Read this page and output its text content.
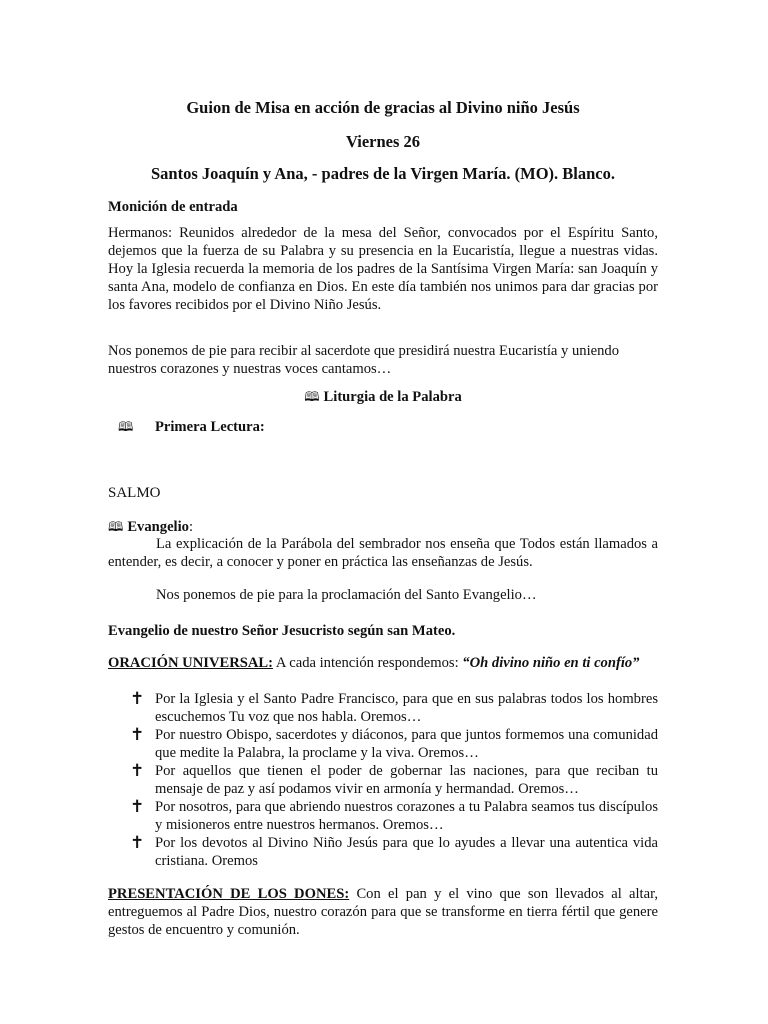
Guion de Misa en acción de gracias al Divino niño Jesús
Viernes 26
Santos Joaquín y Ana, - padres de la Virgen María. (MO). Blanco.
Monición de entrada
Hermanos: Reunidos alrededor de la mesa del Señor, convocados por el Espíritu Santo, dejemos que la fuerza de su Palabra y su presencia en la Eucaristía, llegue a nuestras vidas. Hoy la Iglesia recuerda la memoria de los padres de la Santísima Virgen María: san Joaquín y santa Ana, modelo de confianza en Dios. En este día también nos unimos para dar gracias por los favores recibidos por el Divino Niño Jesús.
Nos ponemos de pie para recibir al sacerdote que presidirá nuestra Eucaristía y uniendo nuestros corazones y nuestras voces cantamos…
🕮 Liturgia de la Palabra
🕮 Primera Lectura:
SALMO
🕮 Evangelio:
La explicación de la Parábola del sembrador nos enseña que Todos están llamados a entender, es decir, a conocer y poner en práctica las enseñanzas de Jesús.
Nos ponemos de pie para la proclamación del Santo Evangelio…
Evangelio de nuestro Señor Jesucristo según san Mateo.
ORACIÓN UNIVERSAL: A cada intención respondemos: “Oh divino niño en ti confío”
✝ Por la Iglesia y el Santo Padre Francisco, para que en sus palabras todos los hombres escuchemos Tu voz que nos habla. Oremos…
✝ Por nuestro Obispo, sacerdotes y diáconos, para que juntos formemos una comunidad que medite la Palabra, la proclame y la viva. Oremos…
✝ Por aquellos que tienen el poder de gobernar las naciones, para que reciban tu mensaje de paz y así podamos vivir en armonía y hermandad. Oremos…
✝ Por nosotros, para que abriendo nuestros corazones a tu Palabra seamos tus discípulos y misioneros entre nuestros hermanos. Oremos…
✝ Por los devotos al Divino Niño Jesús para que lo ayudes a llevar una autentica vida cristiana. Oremos
PRESENTACIÓN DE LOS DONES: Con el pan y el vino que son llevados al altar, entreguemos al Padre Dios, nuestro corazón para que se transforme en tierra fértil que genere gestos de encuentro y comunión.
